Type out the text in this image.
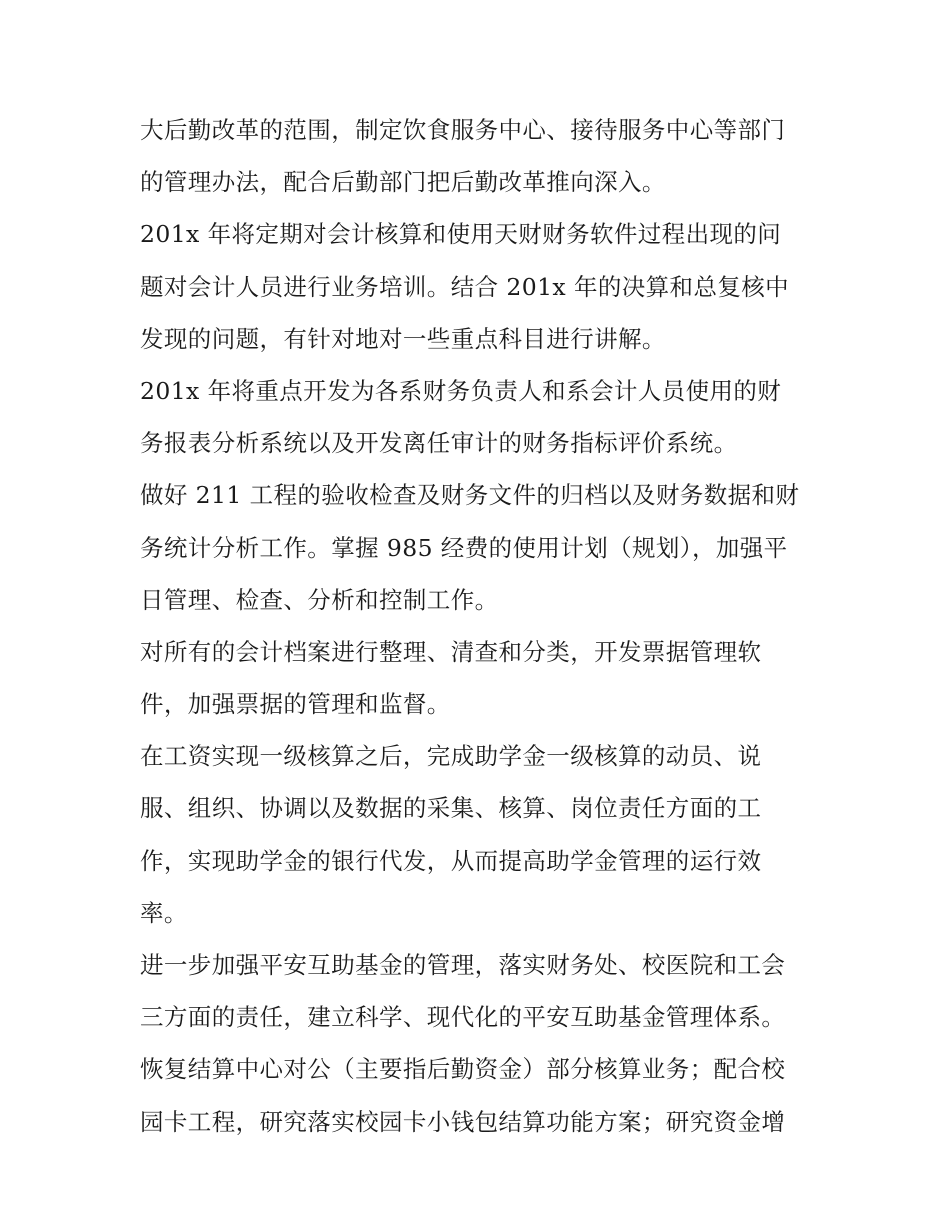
大后勤改革的范围，制定饮食服务中心、接待服务中心等部门
的管理办法，配合后勤部门把后勤改革推向深入。
201x 年将定期对会计核算和使用天财财务软件过程出现的问
题对会计人员进行业务培训。结合 201x 年的决算和总复核中
发现的问题，有针对地对一些重点科目进行讲解。
201x 年将重点开发为各系财务负责人和系会计人员使用的财
务报表分析系统以及开发离任审计的财务指标评价系统。
做好 211 工程的验收检查及财务文件的归档以及财务数据和财
务统计分析工作。掌握 985 经费的使用计划（规划），加强平
日管理、检查、分析和控制工作。
对所有的会计档案进行整理、清查和分类，开发票据管理软
件，加强票据的管理和监督。
在工资实现一级核算之后，完成助学金一级核算的动员、说
服、组织、协调以及数据的采集、核算、岗位责任方面的工
作，实现助学金的银行代发，从而提高助学金管理的运行效
率。
进一步加强平安互助基金的管理，落实财务处、校医院和工会
三方面的责任，建立科学、现代化的平安互助基金管理体系。
恢复结算中心对公（主要指后勤资金）部分核算业务；配合校
园卡工程，研究落实校园卡小钱包结算功能方案；研究资金增
